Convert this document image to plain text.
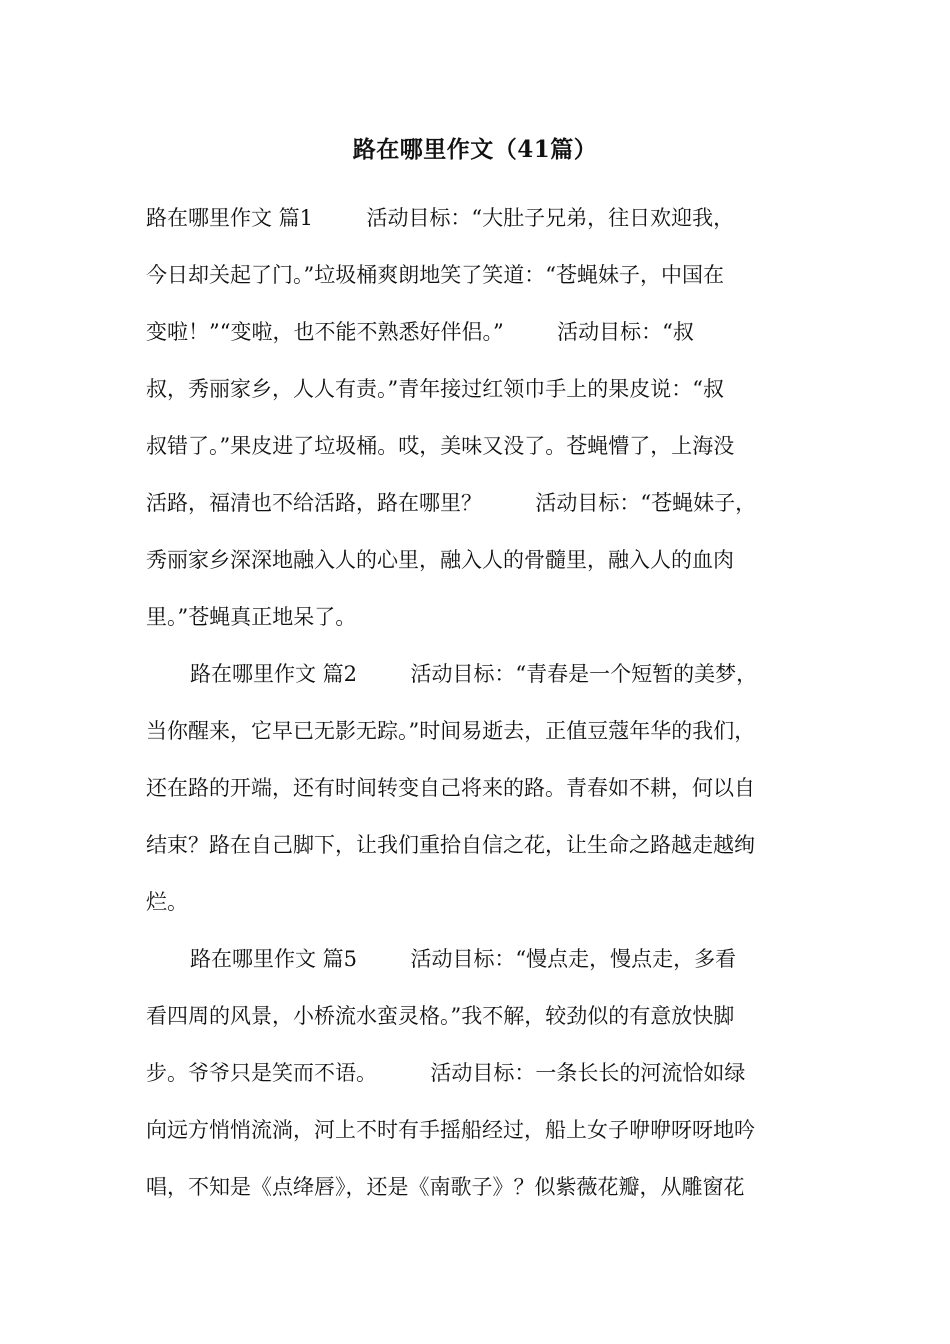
路在哪里作文（41篇）
路在哪里作文 篇1        活动目标：“大肚子兄弟，往日欢迎我，
今日却关起了门。”垃圾桶爽朗地笑了笑道：“苍蝇妹子，中国在
变啦！”“变啦，也不能不熟悉好伴侣。”        活动目标：“叔
叔，秀丽家乡，人人有责。”青年接过红领巾手上的果皮说：“叔
叔错了。”果皮进了垃圾桶。哎，美味又没了。苍蝇懵了，上海没
活路，福清也不给活路，路在哪里？        活动目标：“苍蝇妹子，
秀丽家乡深深地融入人的心里，融入人的骨髓里，融入人的血肉
里。”苍蝇真正地呆了。
路在哪里作文 篇2        活动目标：“青春是一个短暂的美梦，
当你醒来，它早已无影无踪。”时间易逝去，正值豆蔻年华的我们，
还在路的开端，还有时间转变自己将来的路。青春如不耕，何以自
结束？路在自己脚下，让我们重拾自信之花，让生命之路越走越绚
烂。
路在哪里作文 篇5        活动目标：“慢点走，慢点走，多看
看四周的风景，小桥流水蛮灵格。”我不解，较劲似的有意放快脚
步。爷爷只是笑而不语。        活动目标：一条长长的河流恰如绿
向远方悄悄流淌，河上不时有手摇船经过，船上女子咿咿呀呀地吟
唱，不知是《点绛唇》，还是《南歌子》？似紫薇花瓣，从雕窗花
